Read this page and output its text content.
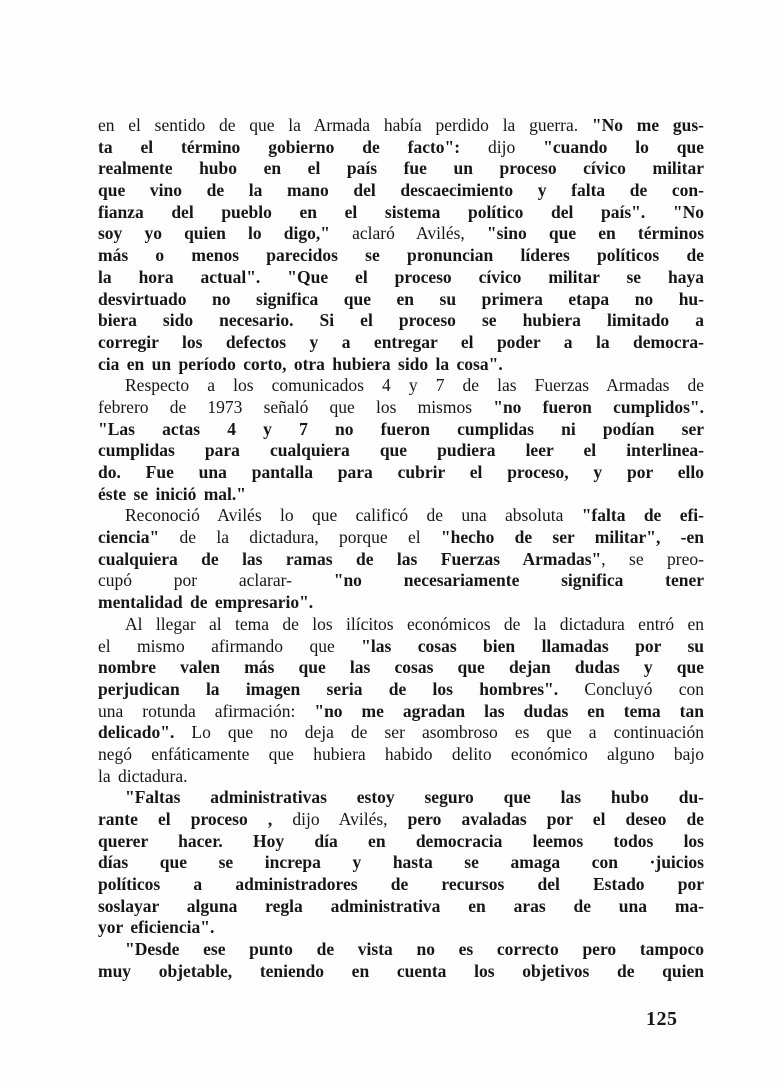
en el sentido de que la Armada había perdido la guerra. "No me gus-
ta el término gobierno de facto": dijo "cuando lo que
realmente hubo en el país fue un proceso cívico militar
que vino de la mano del descaecimiento y falta de con-
fianza del pueblo en el sistema político del país". "No
soy yo quien lo digo," aclaró Avilés, "sino que en términos
más o menos parecidos se pronuncian líderes políticos de
la hora actual". "Que el proceso cívico militar se haya
desvirtuado no significa que en su primera etapa no hu-
biera sido necesario. Si el proceso se hubiera limitado a
corregir los defectos y a entregar el poder a la democra-
cia en un período corto, otra hubiera sido la cosa".
Respecto a los comunicados 4 y 7 de las Fuerzas Armadas de
febrero de 1973 señaló que los mismos "no fueron cumplidos".
"Las actas 4 y 7 no fueron cumplidas ni podían ser
cumplidas para cualquiera que pudiera leer el interlinea-
do. Fue una pantalla para cubrir el proceso, y por ello
éste se inició mal."
Reconoció Avilés lo que calificó de una absoluta "falta de efi-
ciencia" de la dictadura, porque el "hecho de ser militar", -en
cualquiera de las ramas de las Fuerzas Armadas", se preo-
cupó por aclarar- "no necesariamente significa tener
mentalidad de empresario".
Al llegar al tema de los ilícitos económicos de la dictadura entró en
el mismo afirmando que "las cosas bien llamadas por su
nombre valen más que las cosas que dejan dudas y que
perjudican la imagen seria de los hombres". Concluyó con
una rotunda afirmación: "no me agradan las dudas en tema tan
delicado". Lo que no deja de ser asombroso es que a continuación
negó enfáticamente que hubiera habido delito económico alguno bajo
la dictadura.
"Faltas administrativas estoy seguro que las hubo du-
rante el proceso , dijo Avilés, pero avaladas por el deseo de
querer hacer. Hoy día en democracia leemos todos los
días que se increpa y hasta se amaga con ·juicios
políticos a administradores de recursos del Estado por
soslayar alguna regla administrativa en aras de una ma-
yor eficiencia".
"Desde ese punto de vista no es correcto pero tampoco
muy objetable, teniendo en cuenta los objetivos de quien
125
